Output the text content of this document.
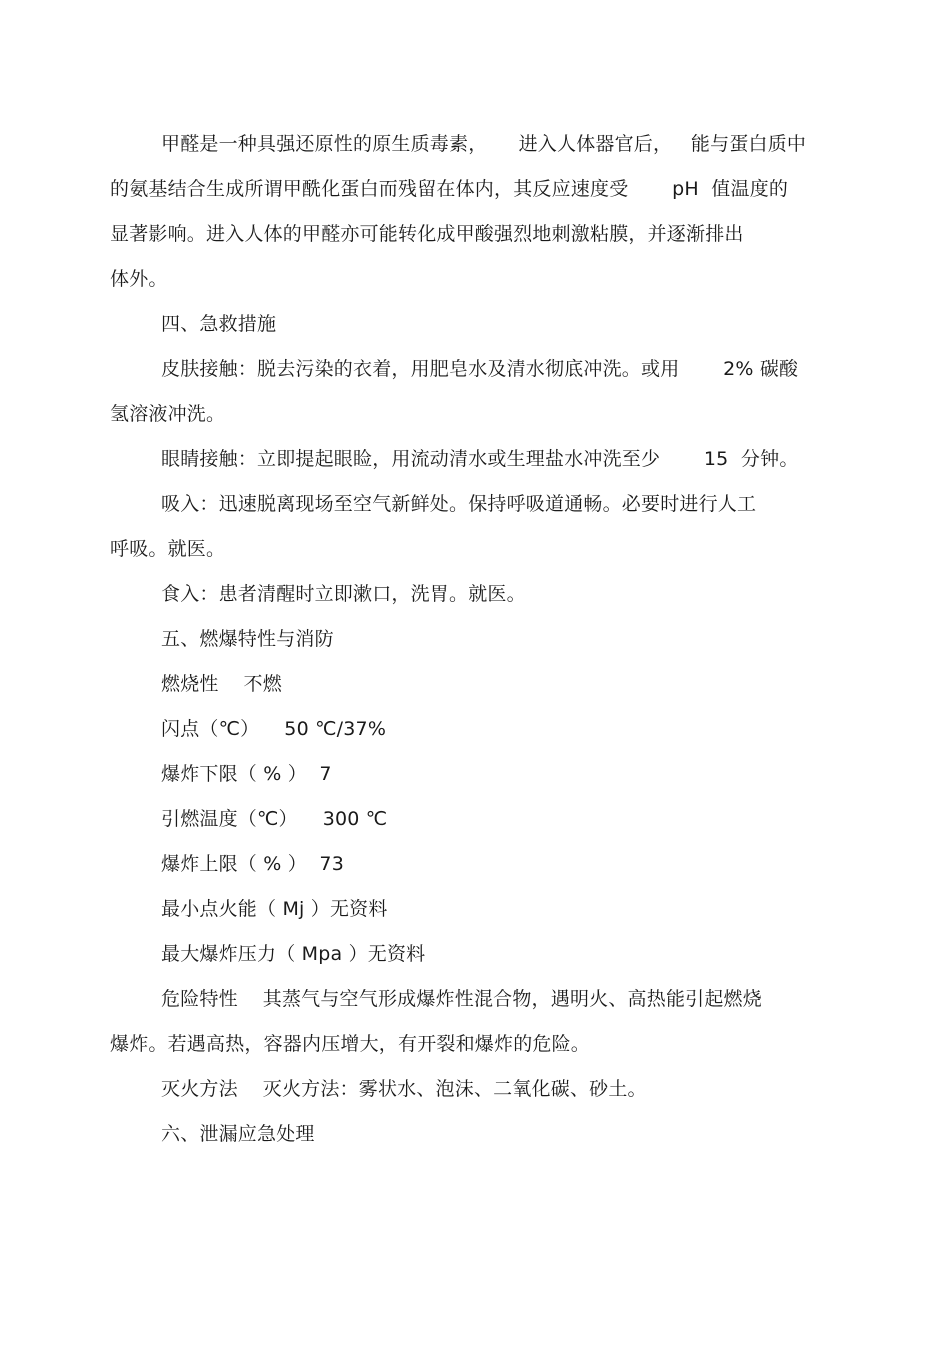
甲醛是一种具强还原性的原生质毒素，     进入人体器官后，   能与蛋白质中
的氨基结合生成所谓甲酰化蛋白而残留在体内，其反应速度受       pH  值温度的
显著影响。进入人体的甲醛亦可能转化成甲酸强烈地刺激粘膜，并逐渐排出
体外。
四、急救措施
皮肤接触：脱去污染的衣着，用肥皂水及清水彻底冲洗。或用       2% 碳酸
氢溶液冲洗。
眼睛接触：立即提起眼睑，用流动清水或生理盐水冲洗至少       15  分钟。
吸入：迅速脱离现场至空气新鲜处。保持呼吸道通畅。必要时进行人工
呼吸。就医。
食入：患者清醒时立即漱口，洗胃。就医。
五、燃爆特性与消防
燃烧性    不燃
闪点（℃）    50 ℃/37%
爆炸下限（ % ）  7
引燃温度（℃）    300 ℃
爆炸上限（ % ）  73
最小点火能（ Mj ）无资料
最大爆炸压力（ Mpa ）无资料
危险特性    其蒸气与空气形成爆炸性混合物，遇明火、高热能引起燃烧
爆炸。若遇高热，容器内压增大，有开裂和爆炸的危险。
灭火方法    灭火方法：雾状水、泡沫、二氧化碳、砂土。
六、泄漏应急处理
